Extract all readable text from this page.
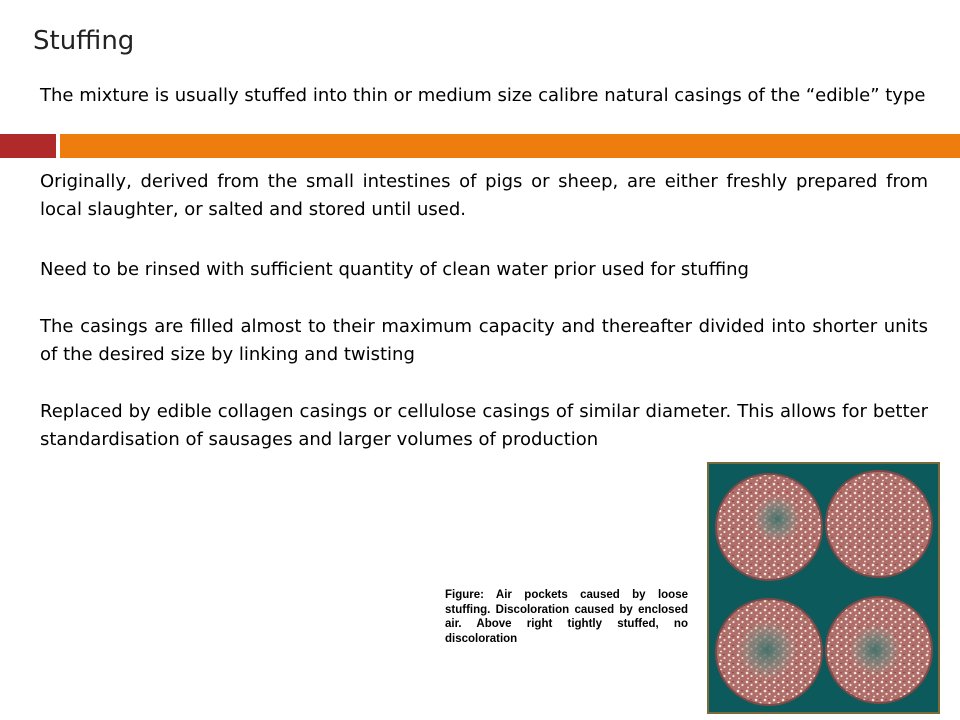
Stuffing

The mixture is usually stuffed into thin or medium size calibre natural casings of the “edible” type

Originally, derived from the small intestines of pigs or sheep, are either freshly prepared from local slaughter, or salted and stored until used.

Need to be rinsed with sufficient quantity of clean water prior used for stuffing

The casings are filled almost to their maximum capacity and thereafter divided into shorter units of the desired size by linking and twisting

Replaced by edible collagen casings or cellulose casings of similar diameter. This allows for better standardisation of sausages and larger volumes of production

Figure: Air pockets caused by loose stuffing. Discoloration caused by enclosed air. Above right tightly stuffed, no discoloration
